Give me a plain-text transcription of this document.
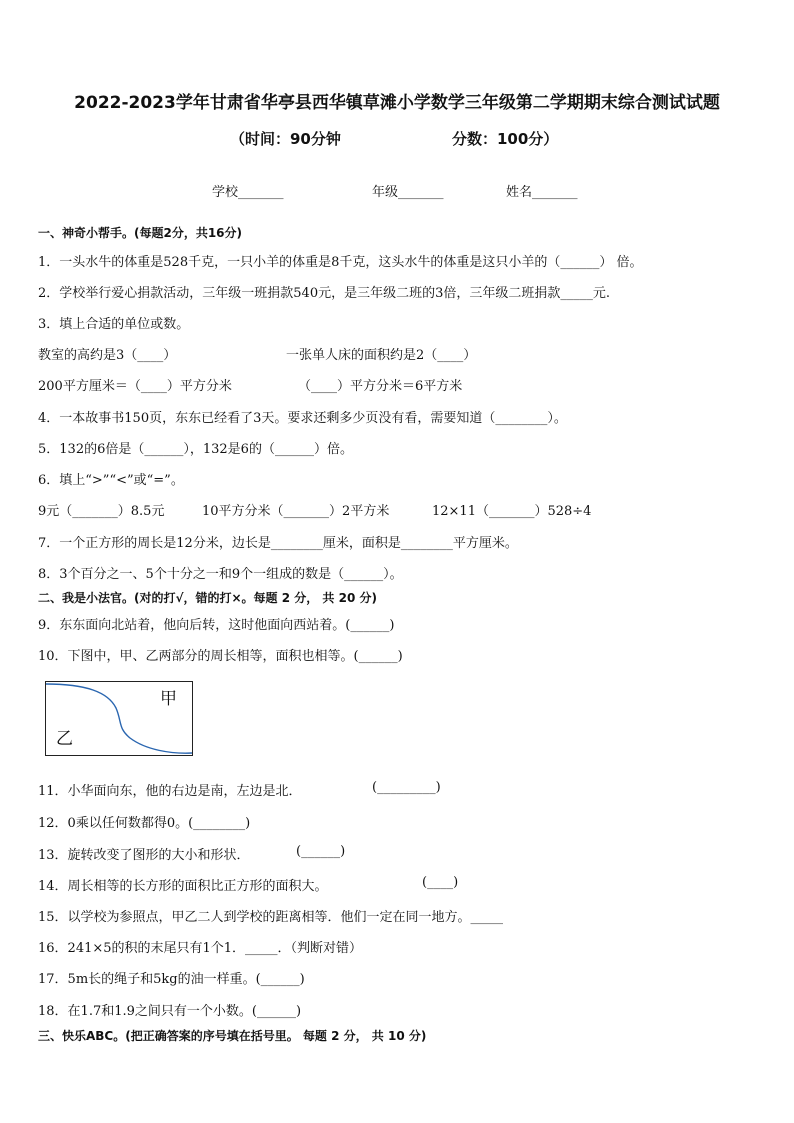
2022-2023学年甘肃省华亭县西华镇草滩小学数学三年级第二学期期末综合测试试题
（时间：90分钟	分数：100分）
学校_______	年级_______	姓名_______
一、神奇小帮手。(每题2分，共16分)
1．一头水牛的体重是528千克，一只小羊的体重是8千克，这头水牛的体重是这只小羊的（______） 倍。
2．学校举行爱心捐款活动，三年级一班捐款540元，是三年级二班的3倍，三年级二班捐款_____元.
3．填上合适的单位或数。
教室的高约是3（____）	一张单人床的面积约是2（____）
200平方厘米＝（____）平方分米	（____）平方分米＝6平方米
4．一本故事书150页，东东已经看了3天。要求还剩多少页没有看，需要知道（________）。
5．132的6倍是（______），132是6的（______）倍。
6．填上“>”“<”或“=”。
9元（_______）8.5元	10平方分米（_______）2平方米	12×11（_______）528÷4
7．一个正方形的周长是12分米，边长是________厘米，面积是________平方厘米。
8．3个百分之一、5个十分之一和9个一组成的数是（______）。
二、我是小法官。(对的打√，错的打×。每题 2 分， 共 20 分)
9．东东面向北站着，他向后转，这时他面向西站着。(______)
10．下图中，甲、乙两部分的周长相等，面积也相等。(______)
甲
乙
11．小华面向东，他的右边是南，左边是北．	(_________)
12．0乘以任何数都得0。(________)
13．旋转改变了图形的大小和形状．	(______)
14．周长相等的长方形的面积比正方形的面积大。	(____)
15．以学校为参照点，甲乙二人到学校的距离相等．他们一定在同一地方。_____
16．241×5的积的末尾只有1个1．_____．（判断对错）
17．5m长的绳子和5kg的油一样重。(______)
18．在1.7和1.9之间只有一个小数。(______)
三、快乐ABC。(把正确答案的序号填在括号里。 每题 2 分， 共 10 分)
